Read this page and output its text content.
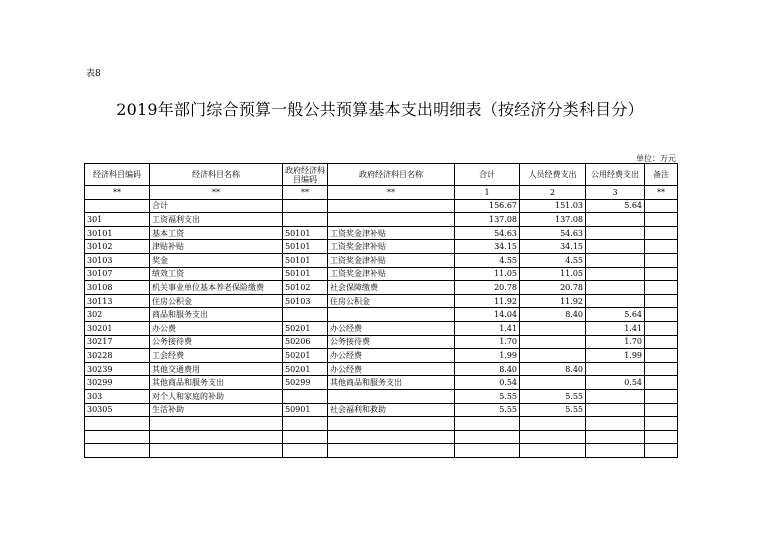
表8
2019年部门综合预算一般公共预算基本支出明细表（按经济分类科目分）
单位：万元
经济科目编码	经济科目名称	政府经济科目编码	政府经济科目名称	合计	人员经费支出	公用经费支出	备注
**	**	**	**	1	2	3	**
	合计			156.67	151.03	5.64	
301	工资福利支出			137.08	137.08		
30101	基本工资	50101	工资奖金津补贴	54.63	54.63		
30102	津贴补贴	50101	工资奖金津补贴	34.15	34.15		
30103	奖金	50101	工资奖金津补贴	4.55	4.55		
30107	绩效工资	50101	工资奖金津补贴	11.05	11.05		
30108	机关事业单位基本养老保险缴费	50102	社会保障缴费	20.78	20.78		
30113	住房公积金	50103	住房公积金	11.92	11.92		
302	商品和服务支出			14.04	8.40	5.64	
30201	办公费	50201	办公经费	1.41		1.41	
30217	公务接待费	50206	公务接待费	1.70		1.70	
30228	工会经费	50201	办公经费	1.99		1.99	
30239	其他交通费用	50201	办公经费	8.40	8.40		
30299	其他商品和服务支出	50299	其他商品和服务支出	0.54		0.54	
303	对个人和家庭的补助			5.55	5.55		
30305	生活补助	50901	社会福利和救助	5.55	5.55		
